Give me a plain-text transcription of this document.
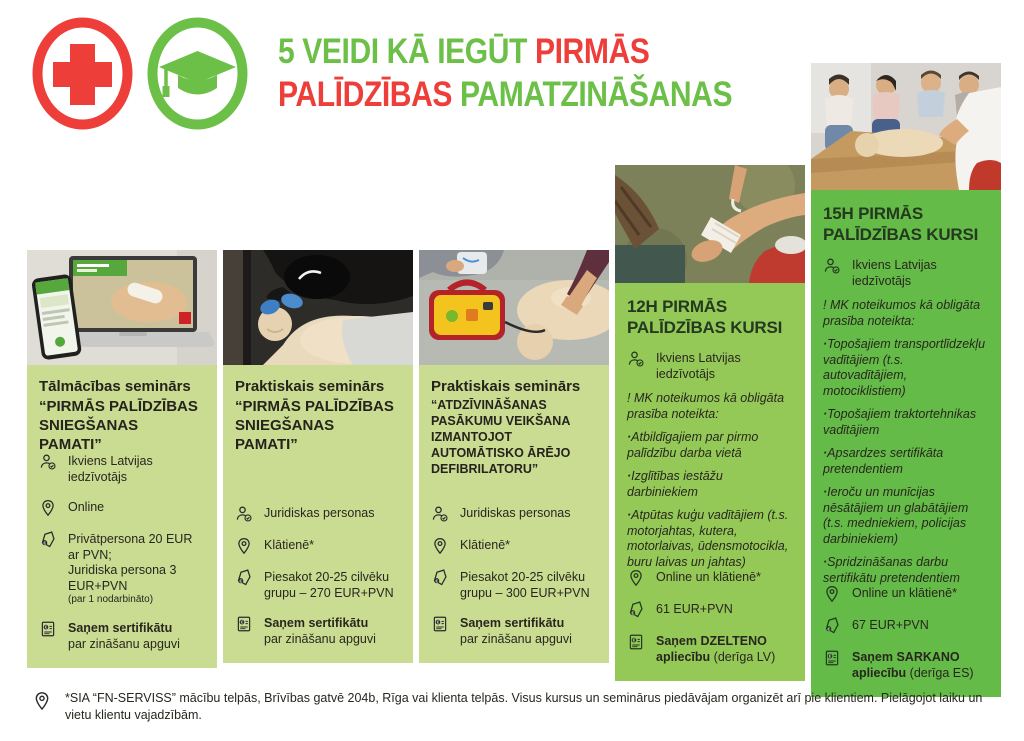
5 VEIDI KĀ IEGŪT PIRMĀS
PALĪDZĪBAS PAMATZINĀŠANAS

Tālmācības seminārs

“PIRMĀS PALĪDZĪBAS SNIEGŠANAS PAMATI”

Ikviens Latvijas iedzīvotājs

Online

€ Privātpersona 20 EUR ar PVN;

Juridiska persona 3 EUR+PVN

(par 1 nodarbināto)

€ Saņem sertifikātu
par zināšanu apguvi

Praktiskais seminārs

“PIRMĀS PALĪDZĪBAS SNIEGŠANAS PAMATI”

Juridiskas personas

Klātienē*

€ Piesakot 20-25 cilvēku

grupu – 270 EUR+PVN

€ Saņem sertifikātu
par zināšanu apguvi

Praktiskais seminārs

“ATDZĪVINĀŠANAS PASĀKUMU VEIKŠANA IZMANTOJOT AUTOMĀTISKO ĀRĒJO DEFIBRILATORU”

Juridiskas personas

Klātienē*

€ Piesakot 20-25 cilvēku

grupu – 300 EUR+PVN

€ Saņem sertifikātu
par zināšanu apguvi

12H PIRMĀS PALĪDZĪBAS KURSI

Ikviens Latvijas iedzīvotājs

! MK noteikumos kā obligāta prasība noteikta:

· Atbildīgajiem par pirmo palīdzību darba vietā

· Izglītības iestāžu darbiniekiem

· Atpūtas kuģu vadītājiem (t.s. motorjahtas, kutera, motorlaivas, ūdensmotocikla, buru laivas un jahtas)

Online un klātienē*

€ 61 EUR+PVN

€ Saņem DZELTENO apliecību (derīga LV)

15H PIRMĀS PALĪDZĪBAS KURSI

Ikviens Latvijas iedzīvotājs

! MK noteikumos kā obligāta prasība noteikta:

· Topošajiem transportlīdzekļu vadītājiem (t.s. autovadītājiem, motociklistiem)

· Topošajiem traktortehnikas vadītājiem

· Apsardzes sertifikāta pretendentiem

· Ieroču un munīcijas nēsātājiem un glabātājiem (t.s. medniekiem, policijas darbiniekiem)

· Spridzināšanas darbu sertifikātu pretendentiem

Online un klātienē*

€ 67 EUR+PVN

€ Saņem SARKANO apliecību (derīga ES)

*SIA “FN-SERVISS” mācību telpās, Brīvības gatvē 204b, Rīga vai klienta telpās. Visus kursus un seminārus piedāvājam organizēt arī pie klientiem. Pielāgojot laiku un vietu klientu vajadzībām.
